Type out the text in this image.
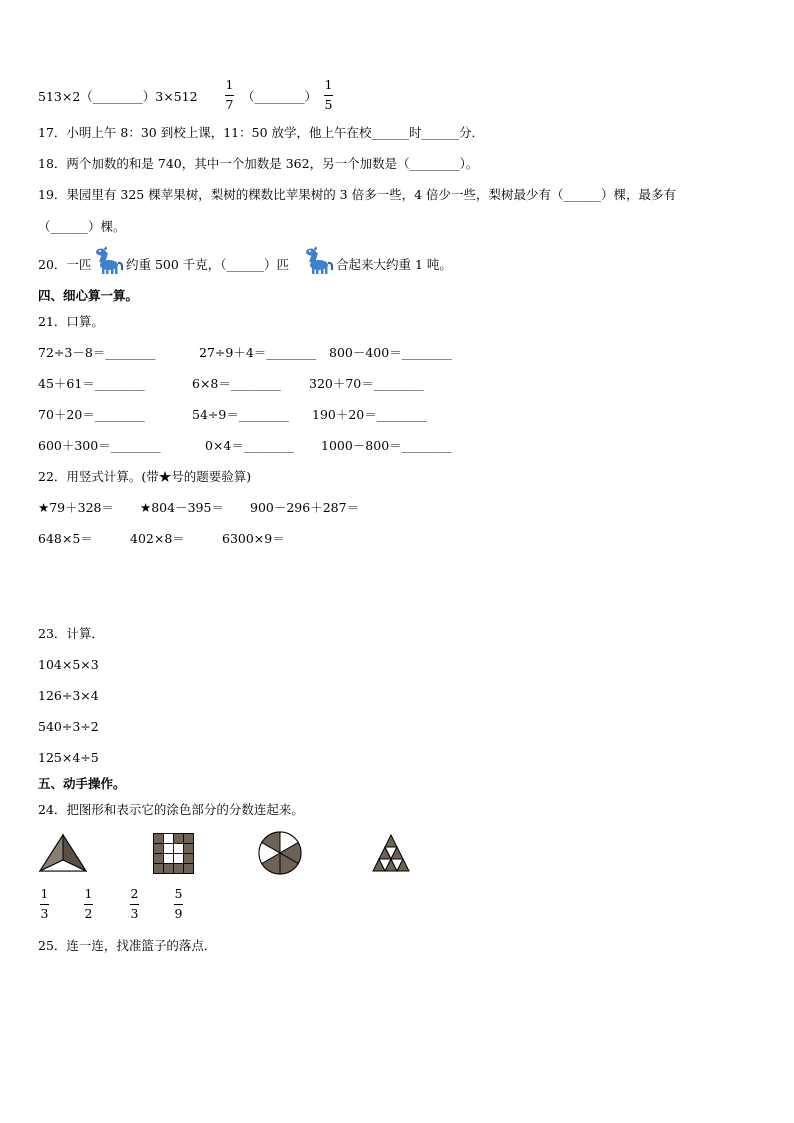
513×2（________）3×512
1
7 （________）
1
5
17．小明上午 8：30 到校上课，11：50 放学，他上午在校______时______分．
18．两个加数的和是 740，其中一个加数是 362，另一个加数是（________）。
19．果园里有 325 棵苹果树，梨树的棵数比苹果树的 3 倍多一些，4 倍少一些，梨树最少有（______）棵，最多有
（______）棵。
20．一匹	约重 500 千克，（______）匹	合起来大约重 1 吨。
四、细心算一算。
21．口算。
72÷3－8＝________	27÷9＋4＝________ 800－400＝________
45＋61＝________	6×8＝________ 320＋70＝________
70＋20＝________	54÷9＝________ 190＋20＝________
600＋300＝________	0×4＝________ 1000－800＝________
22．用竖式计算。(带★号的题要验算)
★79＋328＝ ★804－395＝ 900－296＋287＝
648×5＝	402×8＝	6300×9＝
23．计算．
104×5×3
126÷3×4
540÷3÷2
125×4÷5
五、动手操作。
24．把图形和表示它的涂色部分的分数连起来。
1
3
1
2
2
3
5
9
25．连一连，找准篮子的落点．
